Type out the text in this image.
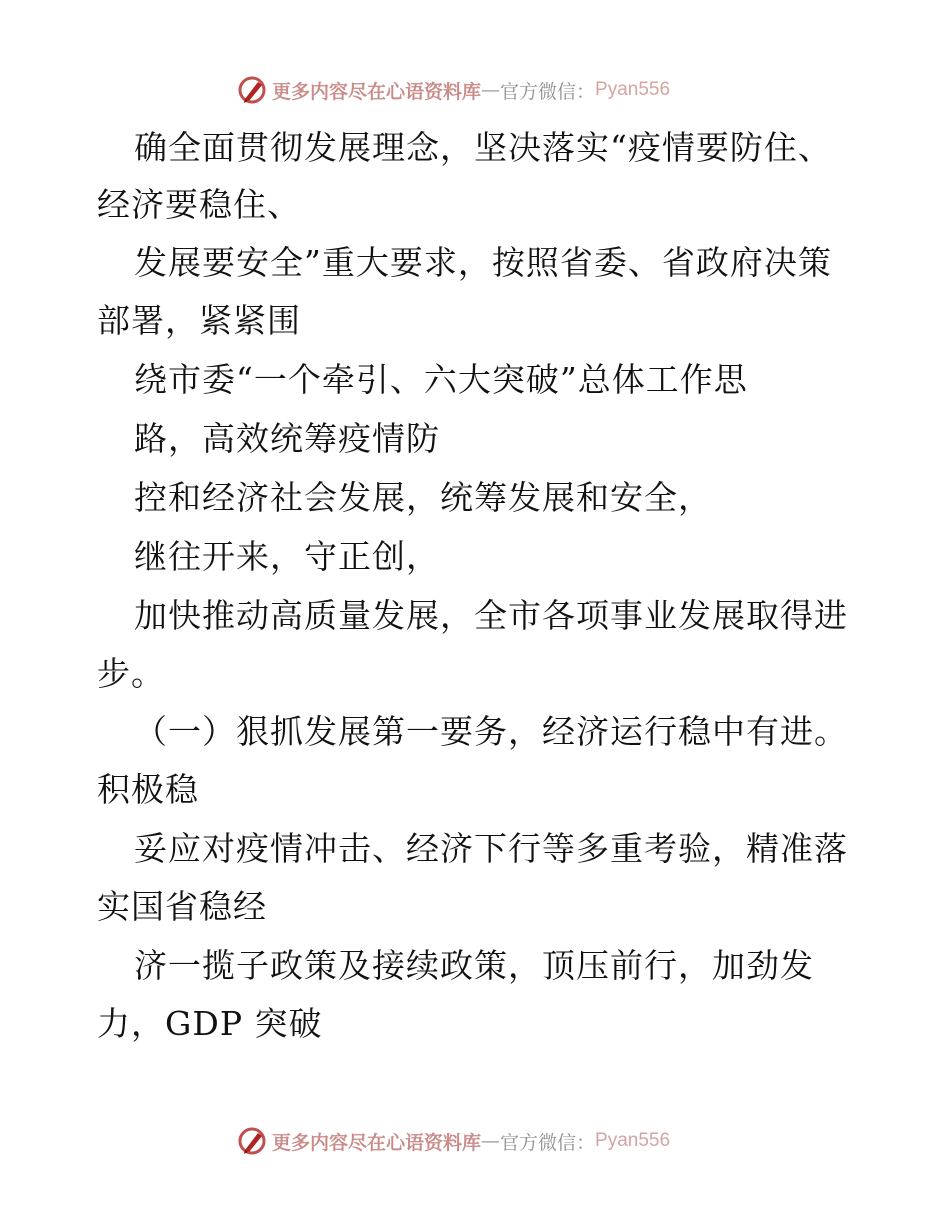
更多内容尽在心语资料库 — 官方微信： Pyan556
确全面贯彻发展理念，坚决落实“疫情要防住、
经济要稳住、
发展要安全”重大要求，按照省委、省政府决策
部署，紧紧围
绕市委“一个牵引、六大突破”总体工作思
路，高效统筹疫情防
控和经济社会发展，统筹发展和安全，
继往开来，守正创，
加快推动高质量发展，全市各项事业发展取得进
步。
（一）狠抓发展第一要务，经济运行稳中有进。
积极稳
妥应对疫情冲击、经济下行等多重考验，精准落
实国省稳经
济一揽子政策及接续政策，顶压前行，加劲发
力，GDP 突破
更多内容尽在心语资料库 — 官方微信： Pyan556
